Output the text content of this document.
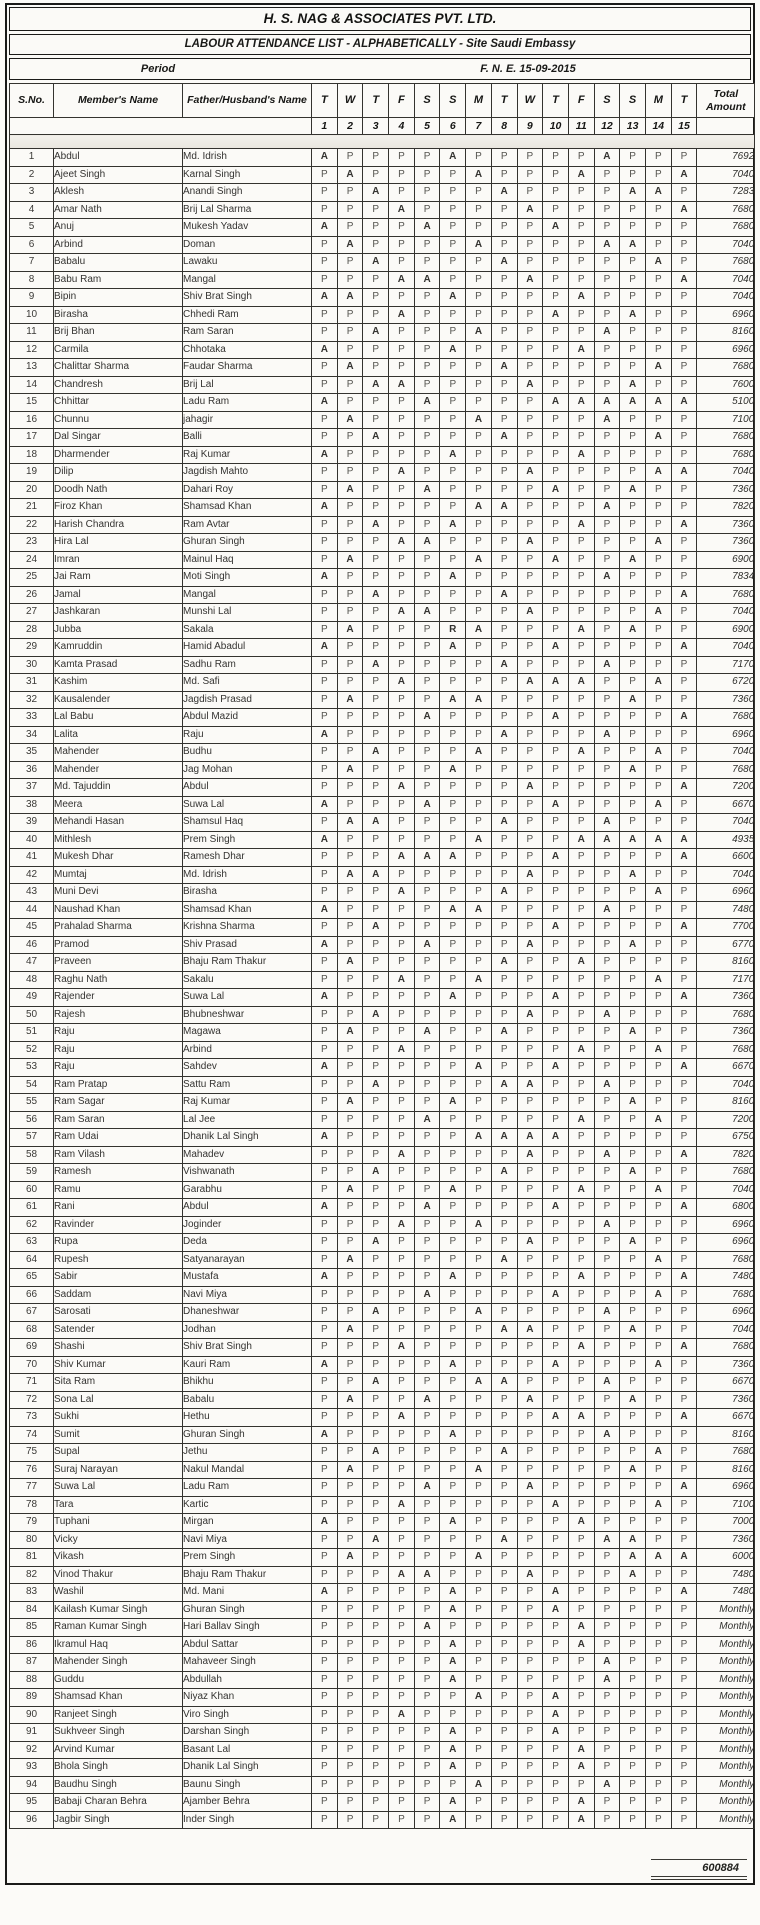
H. S. NAG & ASSOCIATES PVT. LTD.
LABOUR ATTENDANCE LIST - ALPHABETICALLY - Site Saudi Embassy
Period	F. N. E. 15-09-2015
S.No.	Member's Name	Father/Husband's Name	T	W	T	F	S	S	M	T	W	T	F	S	S	M	T	Total Amount
			1	2	3	4	5	6	7	8	9	10	11	12	13	14	15	

1	Abdul	Md. Idrish	A	P	P	P	P	A	P	P	P	P	P	A	P	P	P	7692
2	Ajeet Singh	Karnal Singh	P	A	P	P	P	P	A	P	P	P	A	P	P	P	A	7040
3	Aklesh	Anandi Singh	P	P	A	P	P	P	P	A	P	P	P	P	A	A	P	7283
4	Amar Nath	Brij Lal Sharma	P	P	P	A	P	P	P	P	A	P	P	P	P	P	A	7680
5	Anuj	Mukesh Yadav	A	P	P	P	A	P	P	P	P	A	P	P	P	P	P	7680
6	Arbind	Doman	P	A	P	P	P	P	A	P	P	P	P	A	A	P	P	7040
7	Babalu	Lawaku	P	P	A	P	P	P	P	A	P	P	P	P	P	A	P	7680
8	Babu Ram	Mangal	P	P	P	A	A	P	P	P	A	P	P	P	P	P	A	7040
9	Bipin	Shiv Brat Singh	A	A	P	P	P	A	P	P	P	P	A	P	P	P	P	7040
10	Birasha	Chhedi Ram	P	P	P	A	P	P	P	P	P	A	P	P	A	P	P	6960
11	Brij Bhan	Ram Saran	P	P	A	P	P	P	A	P	P	P	P	A	P	P	P	8160
12	Carmila	Chhotaka	A	P	P	P	P	A	P	P	P	P	A	P	P	P	P	6960
13	Chalittar Sharma	Faudar Sharma	P	A	P	P	P	P	P	A	P	P	P	P	P	A	P	7680
14	Chandresh	Brij Lal	P	P	A	A	P	P	P	P	A	P	P	P	A	P	P	7600
15	Chhittar	Ladu Ram	A	P	P	P	A	P	P	P	P	A	A	A	A	A	A	5100
16	Chunnu	jahagir	P	A	P	P	P	P	A	P	P	P	P	A	P	P	P	7100
17	Dal Singar	Balli	P	P	A	P	P	P	P	A	P	P	P	P	P	A	P	7680
18	Dharmender	Raj Kumar	A	P	P	P	P	A	P	P	P	P	A	P	P	P	P	7680
19	Dilip	Jagdish Mahto	P	P	P	A	P	P	P	P	A	P	P	P	P	A	A	7040
20	Doodh Nath	Dahari Roy	P	A	P	P	A	P	P	P	P	A	P	P	A	P	P	7360
21	Firoz Khan	Shamsad Khan	A	P	P	P	P	P	A	A	P	P	P	A	P	P	P	7820
22	Harish Chandra	Ram Avtar	P	P	A	P	P	A	P	P	P	P	A	P	P	P	A	7360
23	Hira Lal	Ghuran Singh	P	P	P	A	A	P	P	P	A	P	P	P	P	A	P	7360
24	Imran	Mainul Haq	P	A	P	P	P	P	A	P	P	A	P	P	A	P	P	6900
25	Jai Ram	Moti Singh	A	P	P	P	P	A	P	P	P	P	P	A	P	P	P	7834
26	Jamal	Mangal	P	P	A	P	P	P	P	A	P	P	P	P	P	P	A	7680
27	Jashkaran	Munshi Lal	P	P	P	A	A	P	P	P	A	P	P	P	P	A	P	7040
28	Jubba	Sakala	P	A	P	P	P	R	A	P	P	P	A	P	A	P	P	6900
29	Kamruddin	Hamid Abadul	A	P	P	P	P	A	P	P	P	A	P	P	P	P	A	7040
30	Kamta Prasad	Sadhu Ram	P	P	A	P	P	P	P	A	P	P	P	A	P	P	P	7170
31	Kashim	Md. Safi	P	P	P	A	P	P	P	P	A	A	A	P	P	A	P	6720
32	Kausalender	Jagdish Prasad	P	A	P	P	P	A	A	P	P	P	P	P	A	P	P	7360
33	Lal Babu	Abdul Mazid	P	P	P	P	A	P	P	P	P	A	P	P	P	P	A	7680
34	Lalita	Raju	A	P	P	P	P	P	P	A	P	P	P	A	P	P	P	6960
35	Mahender	Budhu	P	P	A	P	P	P	A	P	P	P	A	P	P	A	P	7040
36	Mahender	Jag Mohan	P	A	P	P	P	A	P	P	P	P	P	P	A	P	P	7680
37	Md. Tajuddin	Abdul	P	P	P	A	P	P	P	P	A	P	P	P	P	P	A	7200
38	Meera	Suwa Lal	A	P	P	P	A	P	P	P	P	A	P	P	P	A	P	6670
39	Mehandi Hasan	Shamsul Haq	P	A	A	P	P	P	P	A	P	P	P	A	P	P	P	7040
40	Mithlesh	Prem Singh	A	P	P	P	P	P	A	P	P	P	A	A	A	A	A	4935
41	Mukesh Dhar	Ramesh Dhar	P	P	P	A	A	A	P	P	P	A	P	P	P	P	A	6600
42	Mumtaj	Md. Idrish	P	A	A	P	P	P	P	P	A	P	P	P	A	P	P	7040
43	Muni Devi	Birasha	P	P	P	A	P	P	P	A	P	P	P	P	P	A	P	6960
44	Naushad Khan	Shamsad Khan	A	P	P	P	P	A	A	P	P	P	P	A	P	P	P	7480
45	Prahalad Sharma	Krishna Sharma	P	P	A	P	P	P	P	P	P	A	P	P	P	P	A	7700
46	Pramod	Shiv Prasad	A	P	P	P	A	P	P	P	A	P	P	P	A	P	P	6770
47	Praveen	Bhaju Ram Thakur	P	A	P	P	P	P	P	A	P	P	A	P	P	P	P	8160
48	Raghu Nath	Sakalu	P	P	P	A	P	P	A	P	P	P	P	P	P	A	P	7170
49	Rajender	Suwa Lal	A	P	P	P	P	A	P	P	P	A	P	P	P	P	A	7360
50	Rajesh	Bhubneshwar	P	P	A	P	P	P	P	P	A	P	P	A	P	P	P	7680
51	Raju	Magawa	P	A	P	P	A	P	P	A	P	P	P	P	A	P	P	7360
52	Raju	Arbind	P	P	P	A	P	P	P	P	P	P	A	P	P	A	P	7680
53	Raju	Sahdev	A	P	P	P	P	P	A	P	P	A	P	P	P	P	A	6670
54	Ram Pratap	Sattu Ram	P	P	A	P	P	P	P	A	A	P	P	A	P	P	P	7040
55	Ram Sagar	Raj Kumar	P	A	P	P	P	A	P	P	P	P	P	P	A	P	P	8160
56	Ram Saran	Lal Jee	P	P	P	P	A	P	P	P	P	P	A	P	P	A	P	7200
57	Ram Udai	Dhanik Lal Singh	A	P	P	P	P	P	A	A	A	A	P	P	P	P	P	6750
58	Ram Vilash	Mahadev	P	P	P	A	P	P	P	P	A	P	P	A	P	P	A	7820
59	Ramesh	Vishwanath	P	P	A	P	P	P	P	A	P	P	P	P	A	P	P	7680
60	Ramu	Garabhu	P	A	P	P	P	A	P	P	P	P	A	P	P	A	P	7040
61	Rani	Abdul	A	P	P	P	A	P	P	P	P	A	P	P	P	P	A	6800
62	Ravinder	Joginder	P	P	P	A	P	P	A	P	P	P	P	A	P	P	P	6960
63	Rupa	Deda	P	P	A	P	P	P	P	P	A	P	P	P	A	P	P	6960
64	Rupesh	Satyanarayan	P	A	P	P	P	P	P	A	P	P	P	P	P	A	P	7680
65	Sabir	Mustafa	A	P	P	P	P	A	P	P	P	P	A	P	P	P	A	7480
66	Saddam	Navi Miya	P	P	P	P	A	P	P	P	P	A	P	P	P	A	P	7680
67	Sarosati	Dhaneshwar	P	P	A	P	P	P	A	P	P	P	P	A	P	P	P	6960
68	Satender	Jodhan	P	A	P	P	P	P	P	A	A	P	P	P	A	P	P	7040
69	Shashi	Shiv Brat Singh	P	P	P	A	P	P	P	P	P	P	A	P	P	P	A	7680
70	Shiv Kumar	Kauri Ram	A	P	P	P	P	A	P	P	P	A	P	P	P	A	P	7360
71	Sita Ram	Bhikhu	P	P	A	P	P	P	A	A	P	P	P	A	P	P	P	6670
72	Sona Lal	Babalu	P	A	P	P	A	P	P	P	A	P	P	P	A	P	P	7360
73	Sukhi	Hethu	P	P	P	A	P	P	P	P	P	A	A	P	P	P	A	6670
74	Sumit	Ghuran Singh	A	P	P	P	P	A	P	P	P	P	P	A	P	P	P	8160
75	Supal	Jethu	P	P	A	P	P	P	P	A	P	P	P	P	P	A	P	7680
76	Suraj Narayan	Nakul Mandal	P	A	P	P	P	P	A	P	P	P	P	P	A	P	P	8160
77	Suwa Lal	Ladu Ram	P	P	P	P	A	P	P	P	A	P	P	P	P	P	A	6960
78	Tara	Kartic	P	P	P	A	P	P	P	P	P	A	P	P	P	A	P	7100
79	Tuphani	Mirgan	A	P	P	P	P	A	P	P	P	P	A	P	P	P	P	7000
80	Vicky	Navi Miya	P	P	A	P	P	P	P	A	P	P	P	A	A	P	P	7360
81	Vikash	Prem Singh	P	A	P	P	P	P	A	P	P	P	P	P	A	A	A	6000
82	Vinod Thakur	Bhaju Ram Thakur	P	P	P	A	A	P	P	P	A	P	P	P	A	P	P	7480
83	Washil	Md. Mani	A	P	P	P	P	A	P	P	P	A	P	P	P	P	A	7480
84	Kailash Kumar Singh	Ghuran Singh	P	P	P	P	P	A	P	P	P	A	P	P	P	P	P	Monthly
85	Raman Kumar Singh	Hari Ballav Singh	P	P	P	P	A	P	P	P	P	P	A	P	P	P	P	Monthly
86	Ikramul Haq	Abdul Sattar	P	P	P	P	P	A	P	P	P	P	A	P	P	P	P	Monthly
87	Mahender Singh	Mahaveer Singh	P	P	P	P	P	A	P	P	P	P	P	A	P	P	P	Monthly
88	Guddu	Abdullah	P	P	P	P	P	A	P	P	P	P	P	A	P	P	P	Monthly
89	Shamsad Khan	Niyaz Khan	P	P	P	P	P	P	A	P	P	A	P	P	P	P	P	Monthly
90	Ranjeet Singh	Viro Singh	P	P	P	A	P	P	P	P	P	A	P	P	P	P	P	Monthly
91	Sukhveer Singh	Darshan Singh	P	P	P	P	P	A	P	P	P	A	P	P	P	P	P	Monthly
92	Arvind Kumar	Basant Lal	P	P	P	P	P	A	P	P	P	P	A	P	P	P	P	Monthly
93	Bhola Singh	Dhanik Lal Singh	P	P	P	P	P	A	P	P	P	P	A	P	P	P	P	Monthly
94	Baudhu Singh	Baunu Singh	P	P	P	P	P	P	A	P	P	P	P	A	P	P	P	Monthly
95	Babaji Charan Behra	Ajamber Behra	P	P	P	P	P	A	P	P	P	P	A	P	P	P	P	Monthly
96	Jagbir Singh	Inder Singh	P	P	P	P	P	A	P	P	P	P	A	P	P	P	P	Monthly
600884
